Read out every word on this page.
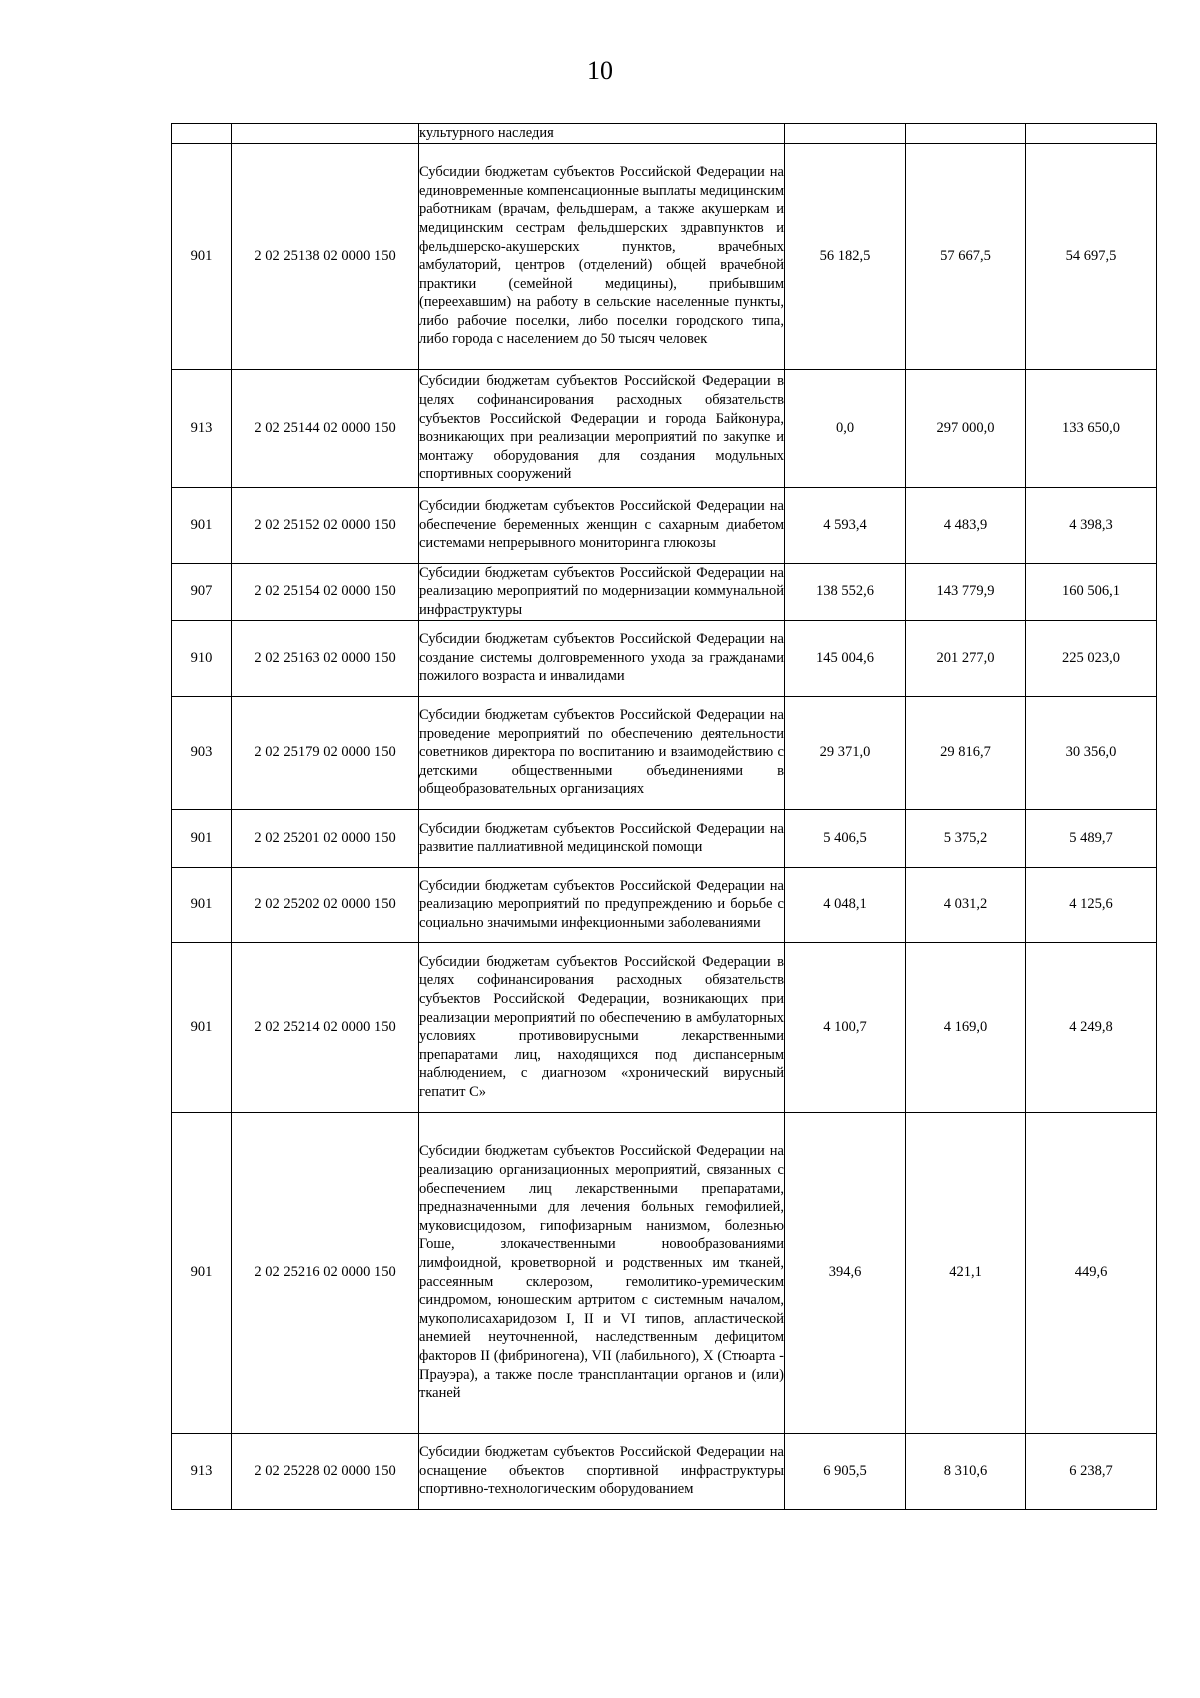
10
		культурного наследия			
901	2 02 25138 02 0000 150	Субсидии бюджетам субъектов Российской Федерации на единовременные компенсационные выплаты медицинским работникам (врачам, фельдшерам, а также акушеркам и медицинским сестрам фельдшерских здравпунктов и фельдшерско-акушерских пунктов, врачебных амбулаторий, центров (отделений) общей врачебной практики (семейной медицины), прибывшим (переехавшим) на работу в сельские населенные пункты, либо рабочие поселки, либо поселки городского типа, либо города с населением до 50 тысяч человек	56 182,5	57 667,5	54 697,5
913	2 02 25144 02 0000 150	Субсидии бюджетам субъектов Российской Федерации в целях софинансирования расходных обязательств субъектов Российской Федерации и города Байконура, возникающих при реализации мероприятий по закупке и монтажу оборудования для создания модульных спортивных сооружений	0,0	297 000,0	133 650,0
901	2 02 25152 02 0000 150	Субсидии бюджетам субъектов Российской Федерации на обеспечение беременных женщин с сахарным диабетом системами непрерывного мониторинга глюкозы	4 593,4	4 483,9	4 398,3
907	2 02 25154 02 0000 150	Субсидии бюджетам субъектов Российской Федерации на реализацию мероприятий по модернизации коммунальной инфраструктуры	138 552,6	143 779,9	160 506,1
910	2 02 25163 02 0000 150	Субсидии бюджетам субъектов Российской Федерации на создание системы долговременного ухода за гражданами пожилого возраста и инвалидами	145 004,6	201 277,0	225 023,0
903	2 02 25179 02 0000 150	Субсидии бюджетам субъектов Российской Федерации на проведение мероприятий по обеспечению деятельности советников директора по воспитанию и взаимодействию с детскими общественными объединениями в общеобразовательных организациях	29 371,0	29 816,7	30 356,0
901	2 02 25201 02 0000 150	Субсидии бюджетам субъектов Российской Федерации на развитие паллиативной медицинской помощи	5 406,5	5 375,2	5 489,7
901	2 02 25202 02 0000 150	Субсидии бюджетам субъектов Российской Федерации на реализацию мероприятий по предупреждению и борьбе с социально значимыми инфекционными заболеваниями	4 048,1	4 031,2	4 125,6
901	2 02 25214 02 0000 150	Субсидии бюджетам субъектов Российской Федерации в целях софинансирования расходных обязательств субъектов Российской Федерации, возникающих при реализации мероприятий по обеспечению в амбулаторных условиях противовирусными лекарственными препаратами лиц, находящихся под диспансерным наблюдением, с диагнозом «хронический вирусный гепатит С»	4 100,7	4 169,0	4 249,8
901	2 02 25216 02 0000 150	Субсидии бюджетам субъектов Российской Федерации на реализацию организационных мероприятий, связанных с обеспечением лиц лекарственными препаратами, предназначенными для лечения больных гемофилией, муковисцидозом, гипофизарным нанизмом, болезнью Гоше, злокачественными новообразованиями лимфоидной, кроветворной и родственных им тканей, рассеянным склерозом, гемолитико-уремическим синдромом, юношеским артритом с системным началом, мукополисахаридозом I, II и VI типов, апластической анемией неуточненной, наследственным дефицитом факторов II (фибриногена), VII (лабильного), X (Стюарта - Прауэра), а также после трансплантации органов и (или) тканей	394,6	421,1	449,6
913	2 02 25228 02 0000 150	Субсидии бюджетам субъектов Российской Федерации на оснащение объектов спортивной инфраструктуры спортивно-технологическим оборудованием	6 905,5	8 310,6	6 238,7
